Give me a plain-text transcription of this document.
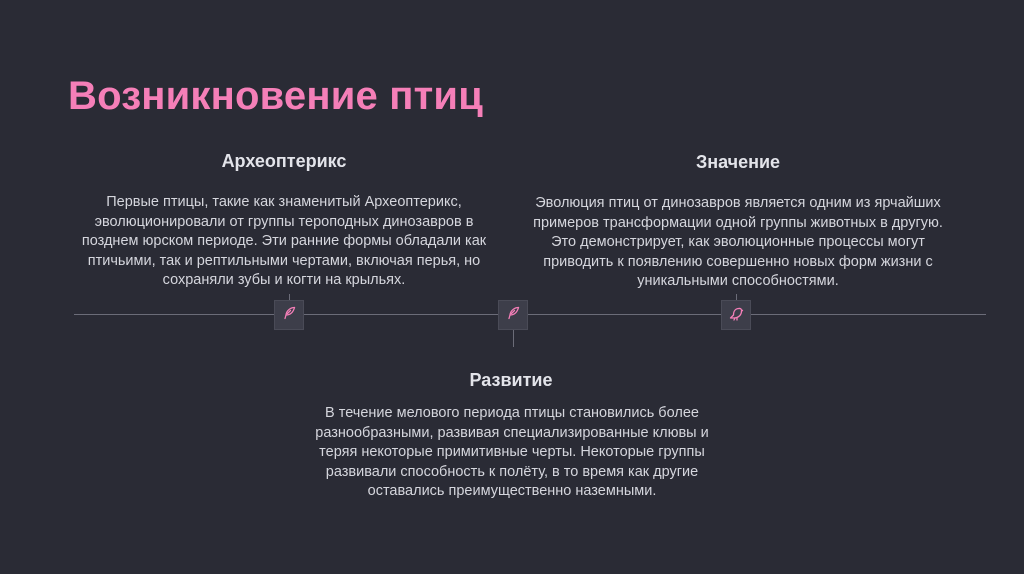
Возникновение птиц
Археоптерикс
Первые птицы, такие как знаменитый Археоптерикс, эволюционировали от группы тероподных динозавров в позднем юрском периоде. Эти ранние формы обладали как птичьими, так и рептильными чертами, включая перья, но сохраняли зубы и когти на крыльях.
Значение
Эволюция птиц от динозавров является одним из ярчайших примеров трансформации одной группы животных в другую. Это демонстрирует, как эволюционные процессы могут приводить к появлению совершенно новых форм жизни с уникальными способностями.
Развитие
В течение мелового периода птицы становились более разнообразными, развивая специализированные клювы и теряя некоторые примитивные черты. Некоторые группы развивали способность к полёту, в то время как другие оставались преимущественно наземными.
